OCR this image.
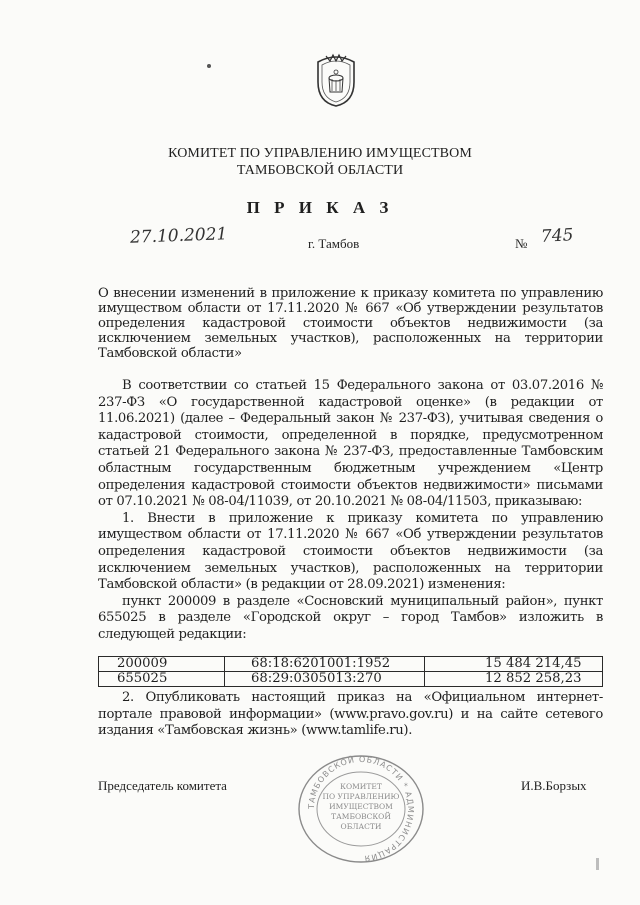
КОМИТЕТ ПО УПРАВЛЕНИЮ ИМУЩЕСТВОМ
ТАМБОВСКОЙ ОБЛАСТИ
П Р И К А З
27.10.2021	г. Тамбов	№ 745
О внесении изменений в приложение к приказу комитета по управлению имуществом области от 17.11.2020 № 667 «Об утверждении результатов определения кадастровой стоимости объектов недвижимости (за исключением земельных участков), расположенных на территории Тамбовской области»

В соответствии со статьей 15 Федерального закона от 03.07.2016 № 237-ФЗ «О государственной кадастровой оценке» (в редакции от 11.06.2021) (далее – Федеральный закон № 237-ФЗ), учитывая сведения о кадастровой стоимости, определенной в порядке, предусмотренном статьей 21 Федерального закона № 237-ФЗ, предоставленные Тамбовским областным государственным бюджетным учреждением «Центр определения кадастровой стоимости объектов недвижимости» письмами от 07.10.2021 № 08-04/11039, от 20.10.2021 № 08-04/11503, приказываю:

1. Внести в приложение к приказу комитета по управлению имуществом области от 17.11.2020 № 667 «Об утверждении результатов определения кадастровой стоимости объектов недвижимости (за исключением земельных участков), расположенных на территории Тамбовской области» (в редакции от 28.09.2021) изменения:

пункт 200009 в разделе «Сосновский муниципальный район», пункт 655025 в разделе «Городской округ – город Тамбов» изложить в следующей редакции:

200009	68:18:6201001:1952	15 484 214,45
655025	68:29:0305013:270	12 852 258,23

2. Опубликовать настоящий приказ на «Официальном интернет-портале правовой информации» (www.pravo.gov.ru) и на сайте сетевого издания «Тамбовская жизнь» (www.tamlife.ru).

Председатель комитета	И.В.Борзых
ТАМБОВСКОЙ ОБЛАСТИ * АДМИНИСТРАЦИЯ
КОМИТЕТ
ПО УПРАВЛЕНИЮ
ИМУЩЕСТВОМ
ТАМБОВСКОЙ
ОБЛАСТИ
